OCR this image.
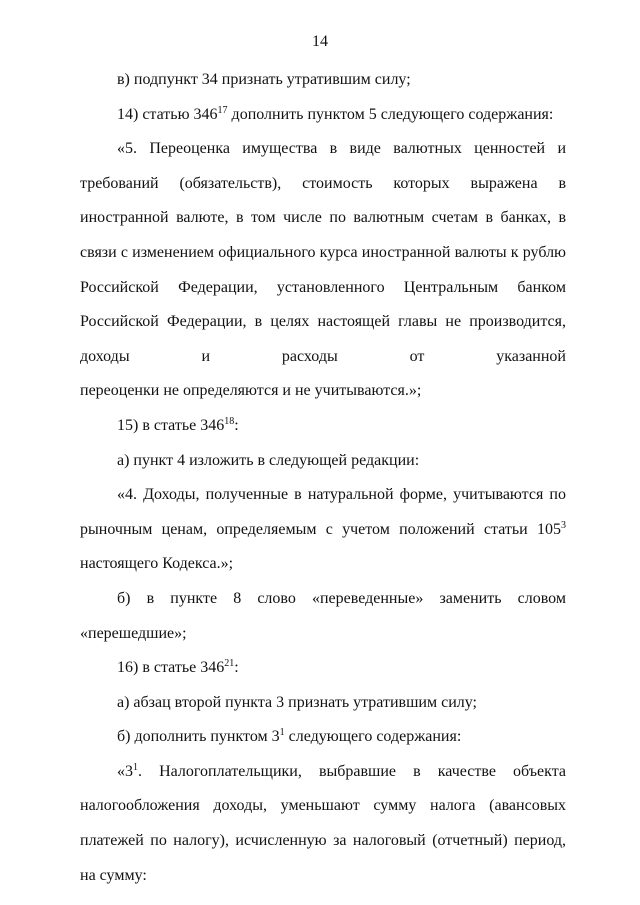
14

в) подпункт 34 признать утратившим силу;

14) статью $346^{17}$ дополнить пунктом 5 следующего содержания:

«5. Переоценка имущества в виде валютных ценностей и требований (обязательств), стоимость которых выражена в иностранной валюте, в том числе по валютным счетам в банках, в связи с изменением официального курса иностранной валюты к рублю Российской Федерации, установленного Центральным банком Российской Федерации, в целях настоящей главы не производится, доходы и расходы от указанной

переоценки не определяются и не учитываются.»;

15) в статье $346^{18}$:

а) пункт 4 изложить в следующей редакции:

«4. Доходы, полученные в натуральной форме, учитываются по рыночным ценам, определяемым с учетом положений статьи $105^3$

настоящего Кодекса.»;

б) в пункте 8 слово «переведенные» заменить словом «перешедшие»;

16) в статье $346^{21}$:

а) абзац второй пункта 3 признать утратившим силу;

б) дополнить пунктом $3^1$ следующего содержания:

«$3^1$. Налогоплательщики, выбравшие в качестве объекта налогообложения доходы, уменьшают сумму налога (авансовых платежей по налогу), исчисленную за налоговый (отчетный) период, на сумму:
